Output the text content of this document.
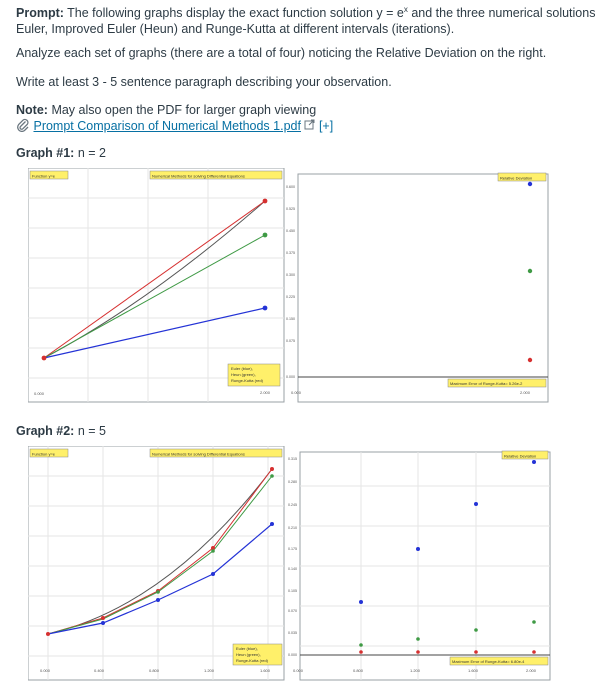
Prompt: The following graphs display the exact function solution $y = e^x$ and the three numerical solutions
Euler, Improved Euler (Heun) and Runge-Kutta at different intervals (iterations).
Analyze each set of graphs (there are a total of four) noticing the Relative Deviation on the right.
Write at least 3 - 5 sentence paragraph describing your observation.
Note: May also open the PDF for larger graph viewing
Prompt Comparison of Numerical Methods 1.pdf [+]
Graph #1: n = 2
Function y=e	Numerical Methods for solving Differential Equations
Euler (blue),
Heun (green),
Runge-Kutta (red)
0.000	2.000
0.600
0.525
0.450
0.375
0.300
0.225
0.150
0.075
0.000
Relative Deviation
Maximum Error of Runge-Kutta= 5.26e-2
0.000	2.000
Graph #2: n = 5
Function y=e	Numerical Methods for solving Differential Equations
Euler (blue),
Heun (green),
Runge-Kutta (red)
0.000	0.400	0.800	1.200	1.600
0.315
0.280
0.245
0.210
0.175
0.140
0.105
0.070
0.035
0.000
Relative Deviation
Maximum Error of Runge-Kutta= 6.80e-4
0.000	0.800	1.200	1.600	2.000
